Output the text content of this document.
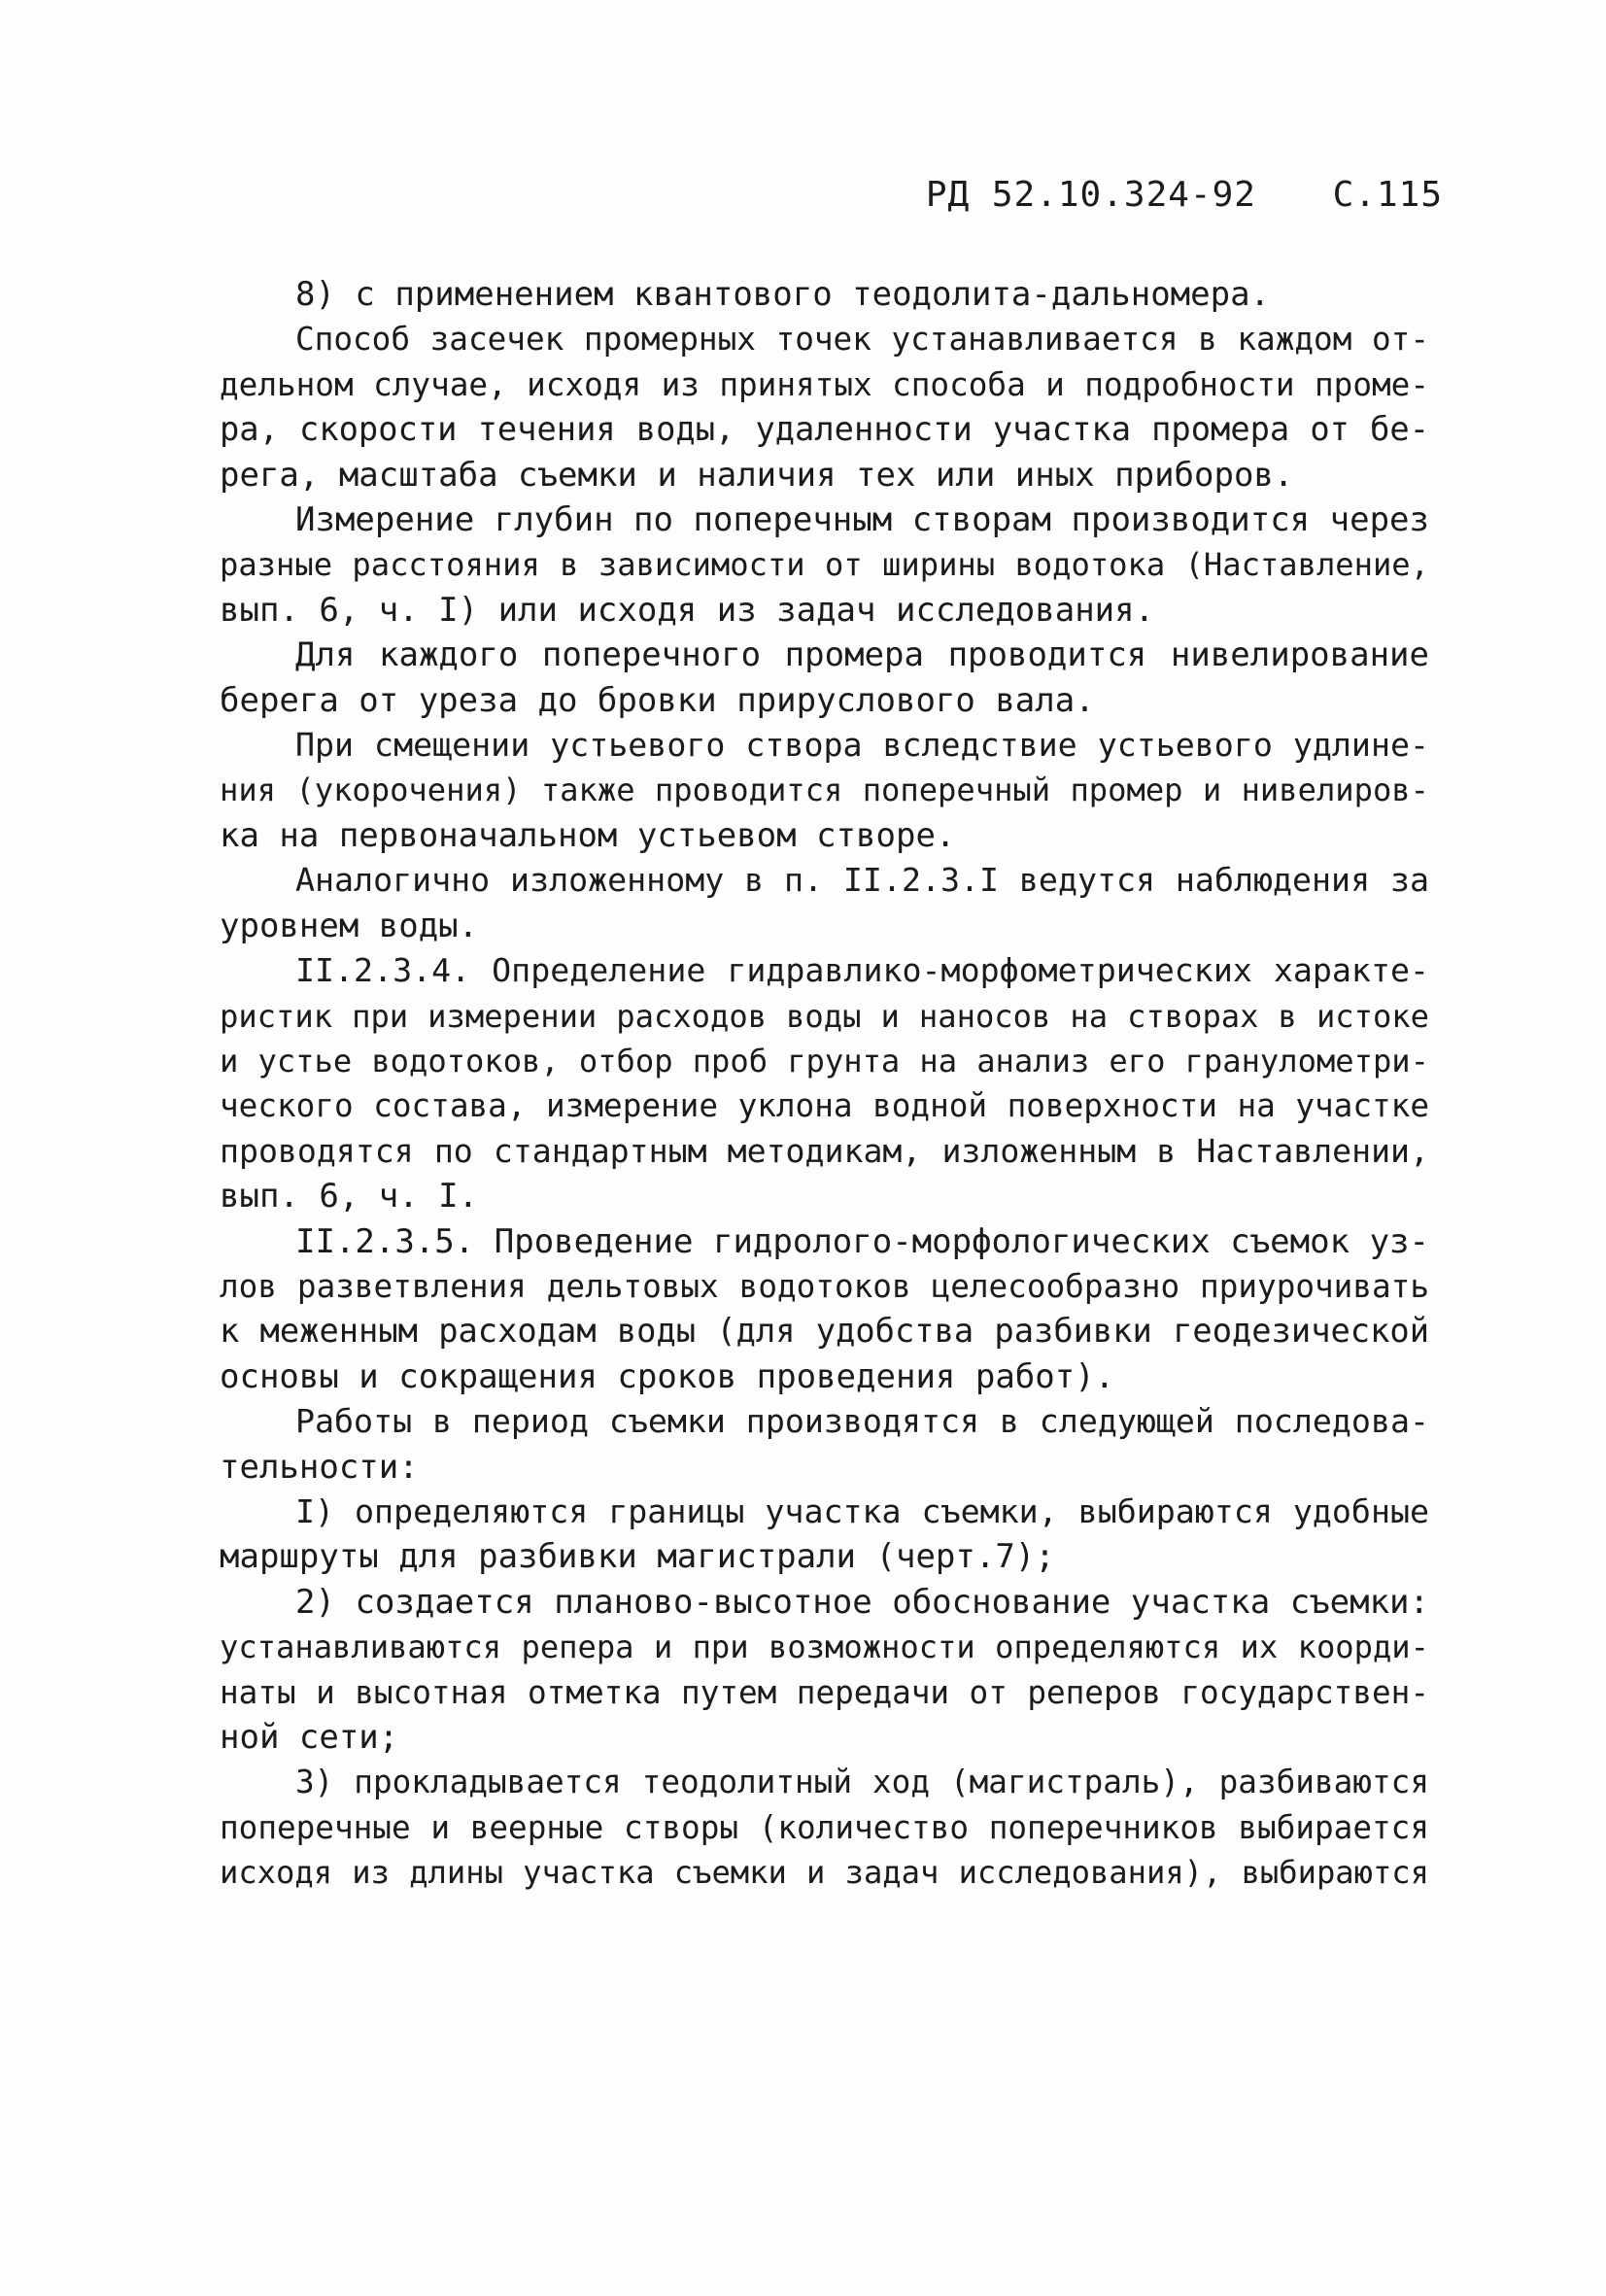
РД 52.10.324-92 С.115
8) с применением квантового теодолита-дальномера.
Способ засечек промерных точек устанавливается в каждом от-
дельном случае, исходя из принятых способа и подробности проме-
ра, скорости течения воды, удаленности участка промера от бе-
рега, масштаба съемки и наличия тех или иных приборов.
Измерение глубин по поперечным створам производится через
разные расстояния в зависимости от ширины водотока (Наставление,
вып. 6, ч. I) или исходя из задач исследования.
Для каждого поперечного промера проводится нивелирование
берега от уреза до бровки прируслового вала.
При смещении устьевого створа вследствие устьевого удлине-
ния (укорочения) также проводится поперечный промер и нивелиров-
ка на первоначальном устьевом створе.
Аналогично изложенному в п. II.2.3.I ведутся наблюдения за
уровнем воды.
II.2.3.4. Определение гидравлико-морфометрических характе-
ристик при измерении расходов воды и наносов на створах в истоке
и устье водотоков, отбор проб грунта на анализ его гранулометри-
ческого состава, измерение уклона водной поверхности на участке
проводятся по стандартным методикам, изложенным в Наставлении,
вып. 6, ч. I.
II.2.3.5. Проведение гидролого-морфологических съемок уз-
лов разветвления дельтовых водотоков целесообразно приурочивать
к меженным расходам воды (для удобства разбивки геодезической
основы и сокращения сроков проведения работ).
Работы в период съемки производятся в следующей последова-
тельности:
I) определяются границы участка съемки, выбираются удобные
маршруты для разбивки магистрали (черт.7);
2) создается планово-высотное обоснование участка съемки:
устанавливаются репера и при возможности определяются их коорди-
наты и высотная отметка путем передачи от реперов государствен-
ной сети;
3) прокладывается теодолитный ход (магистраль), разбиваются
поперечные и веерные створы (количество поперечников выбирается
исходя из длины участка съемки и задач исследования), выбираются
